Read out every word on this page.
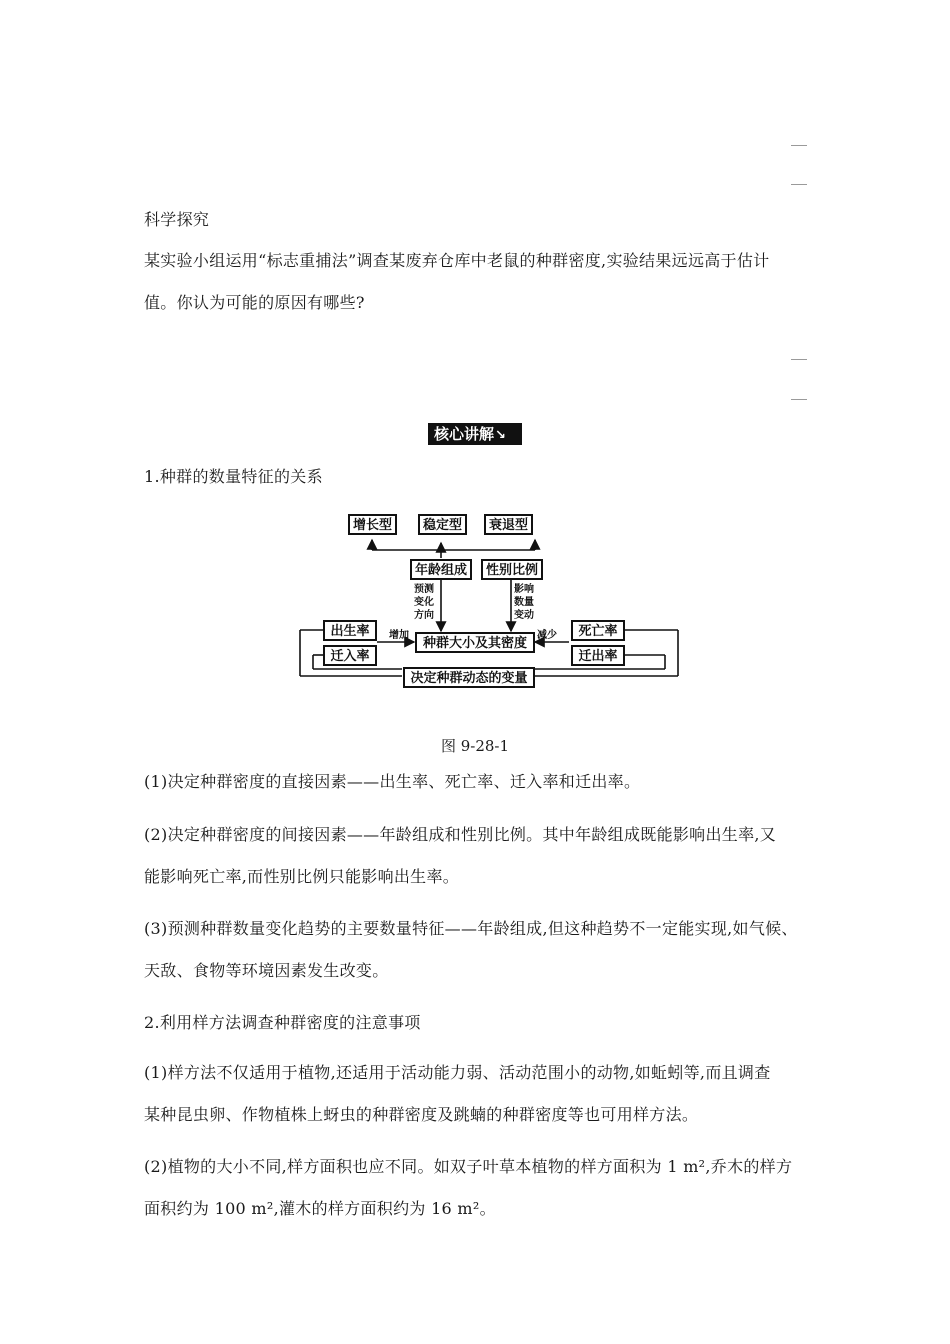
科学探究
某实验小组运用“标志重捕法”调查某废弃仓库中老鼠的种群密度,实验结果远远高于估计
值。你认为可能的原因有哪些?
核心讲解↘
1.种群的数量特征的关系
增长型 稳定型 衰退型
年龄组成 性别比例
种群大小及其密度
出生率
迁入率
死亡率
迁出率
决定种群动态的变量
预测
变化
方向
影响
数量
变动
增加	减少
图 9-28-1
(1)决定种群密度的直接因素——出生率、死亡率、迁入率和迁出率。
(2)决定种群密度的间接因素——年龄组成和性别比例。其中年龄组成既能影响出生率,又
能影响死亡率,而性别比例只能影响出生率。
(3)预测种群数量变化趋势的主要数量特征——年龄组成,但这种趋势不一定能实现,如气候、
天敌、食物等环境因素发生改变。
2.利用样方法调查种群密度的注意事项
(1)样方法不仅适用于植物,还适用于活动能力弱、活动范围小的动物,如蚯蚓等,而且调查
某种昆虫卵、作物植株上蚜虫的种群密度及跳蝻的种群密度等也可用样方法。
(2)植物的大小不同,样方面积也应不同。如双子叶草本植物的样方面积为 1 m²,乔木的样方
面积约为 100 m²,灌木的样方面积约为 16 m²。
